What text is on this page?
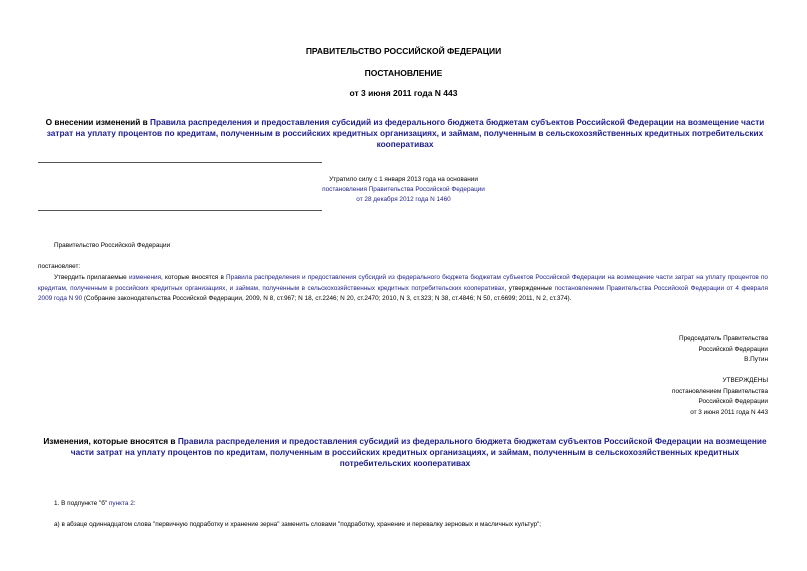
ПРАВИТЕЛЬСТВО РОССИЙСКОЙ ФЕДЕРАЦИИ
ПОСТАНОВЛЕНИЕ
от 3 июня 2011 года N 443
О внесении изменений в Правила распределения и предоставления субсидий из федерального бюджета бюджетам субъектов Российской Федерации на возмещение части затрат на уплату процентов по кредитам, полученным в российских кредитных организациях, и займам, полученным в сельскохозяйственных кредитных потребительских кооперативах
Утратило силу с 1 января 2013 года на основании
постановления Правительства Российской Федерации
от 28 декабря 2012 года N 1460
Правительство Российской Федерации
постановляет:
Утвердить прилагаемые изменения, которые вносятся в Правила распределения и предоставления субсидий из федерального бюджета бюджетам субъектов Российской Федерации на возмещение части затрат на уплату процентов по кредитам, полученным в российских кредитных организациях, и займам, полученным в сельскохозяйственных кредитных потребительских кооперативах, утвержденные постановлением Правительства Российской Федерации от 4 февраля 2009 года N 90 (Собрание законодательства Российской Федерации, 2009, N 8, ст.967; N 18, ст.2246; N 20, ст.2470; 2010, N 3, ст.323; N 38, ст.4846; N 50, ст.6699; 2011, N 2, ст.374).
Председатель Правительства
Российской Федерации
В.Путин
УТВЕРЖДЕНЫ
постановлением Правительства
Российской Федерации
от 3 июня 2011 года N 443
Изменения, которые вносятся в Правила распределения и предоставления субсидий из федерального бюджета бюджетам субъектов Российской Федерации на возмещение части затрат на уплату процентов по кредитам, полученным в российских кредитных организациях, и займам, полученным в сельскохозяйственных кредитных потребительских кооперативах
1. В подпункте "б" пункта 2:
а) в абзаце одиннадцатом слова "первичную подработку и хранение зерна" заменить словами "подработку, хранение и перевалку зерновых и масличных культур";
